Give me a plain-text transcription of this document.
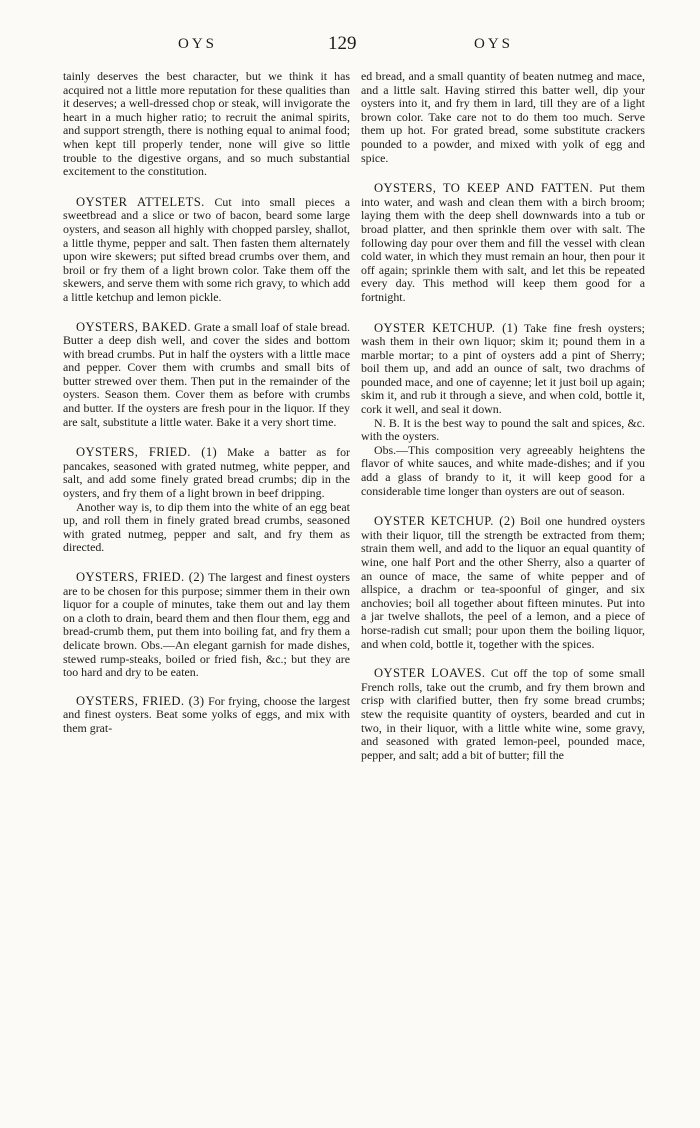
OYS	129	OYS

tainly deserves the best character, but we think it has acquired not a little more reputation for these qualities than it deserves; a well-dressed chop or steak, will invigorate the heart in a much higher ratio; to recruit the animal spirits, and support strength, there is nothing equal to animal food; when kept till properly tender, none will give so little trouble to the digestive organs, and so much substantial excitement to the constitution.

OYSTER ATTELETS. Cut into small pieces a sweetbread and a slice or two of bacon, beard some large oysters, and season all highly with chopped parsley, shallot, a little thyme, pepper and salt. Then fasten them alternately upon wire skewers; put sifted bread crumbs over them, and broil or fry them of a light brown color. Take them off the skewers, and serve them with some rich gravy, to which add a little ketchup and lemon pickle.

OYSTERS, BAKED. Grate a small loaf of stale bread. Butter a deep dish well, and cover the sides and bottom with bread crumbs. Put in half the oysters with a little mace and pepper. Cover them with crumbs and small bits of butter strewed over them. Then put in the remainder of the oysters. Season them. Cover them as before with crumbs and butter. If the oysters are fresh pour in the liquor. If they are salt, substitute a little water. Bake it a very short time.

OYSTERS, FRIED. (1) Make a batter as for pancakes, seasoned with grated nutmeg, white pepper, and salt, and add some finely grated bread crumbs; dip in the oysters, and fry them of a light brown in beef dripping.

Another way is, to dip them into the white of an egg beat up, and roll them in finely grated bread crumbs, seasoned with grated nutmeg, pepper and salt, and fry them as directed.

OYSTERS, FRIED. (2) The largest and finest oysters are to be chosen for this purpose; simmer them in their own liquor for a couple of minutes, take them out and lay them on a cloth to drain, beard them and then flour them, egg and bread-crumb them, put them into boiling fat, and fry them a delicate brown. Obs.—An elegant garnish for made dishes, stewed rump-steaks, boiled or fried fish, &c.; but they are too hard and dry to be eaten.

OYSTERS, FRIED. (3) For frying, choose the largest and finest oysters. Beat some yolks of eggs, and mix with them grat-

ed bread, and a small quantity of beaten nutmeg and mace, and a little salt. Having stirred this batter well, dip your oysters into it, and fry them in lard, till they are of a light brown color. Take care not to do them too much. Serve them up hot. For grated bread, some substitute crackers pounded to a powder, and mixed with yolk of egg and spice.

OYSTERS, TO KEEP AND FATTEN. Put them into water, and wash and clean them with a birch broom; laying them with the deep shell downwards into a tub or broad platter, and then sprinkle them over with salt. The following day pour over them and fill the vessel with clean cold water, in which they must remain an hour, then pour it off again; sprinkle them with salt, and let this be repeated every day. This method will keep them good for a fortnight.

OYSTER KETCHUP. (1) Take fine fresh oysters; wash them in their own liquor; skim it; pound them in a marble mortar; to a pint of oysters add a pint of Sherry; boil them up, and add an ounce of salt, two drachms of pounded mace, and one of cayenne; let it just boil up again; skim it, and rub it through a sieve, and when cold, bottle it, cork it well, and seal it down.

N. B. It is the best way to pound the salt and spices, &c. with the oysters.

Obs.—This composition very agreeably heightens the flavor of white sauces, and white made-dishes; and if you add a glass of brandy to it, it will keep good for a considerable time longer than oysters are out of season.

OYSTER KETCHUP. (2) Boil one hundred oysters with their liquor, till the strength be extracted from them; strain them well, and add to the liquor an equal quantity of wine, one half Port and the other Sherry, also a quarter of an ounce of mace, the same of white pepper and of allspice, a drachm or tea-spoonful of ginger, and six anchovies; boil all together about fifteen minutes. Put into a jar twelve shallots, the peel of a lemon, and a piece of horse-radish cut small; pour upon them the boiling liquor, and when cold, bottle it, together with the spices.

OYSTER LOAVES. Cut off the top of some small French rolls, take out the crumb, and fry them brown and crisp with clarified butter, then fry some bread crumbs; stew the requisite quantity of oysters, bearded and cut in two, in their liquor, with a little white wine, some gravy, and seasoned with grated lemon-peel, pounded mace, pepper, and salt; add a bit of butter; fill the
